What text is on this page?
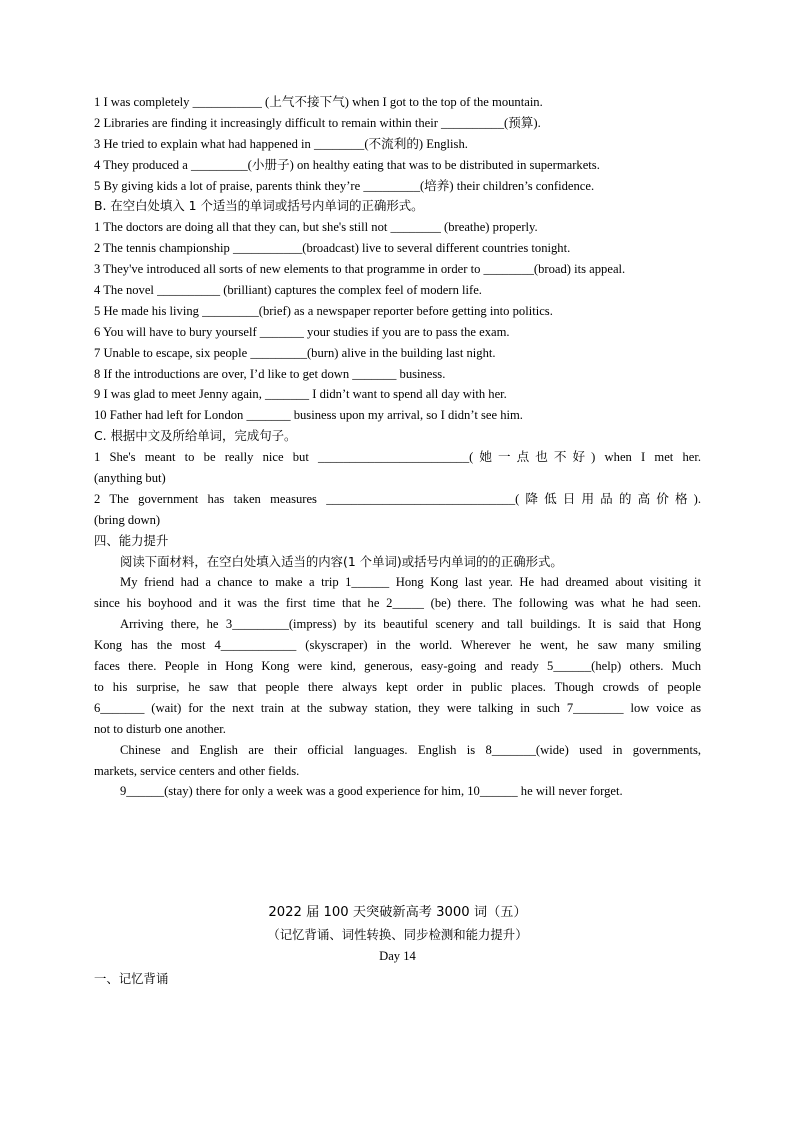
1 I was completely ___________ (上气不接下气) when I got to the top of the mountain.
2 Libraries are finding it increasingly difficult to remain within their __________(预算).
3 He tried to explain what had happened in ________(不流利的) English.
4 They produced a _________(小册子) on healthy eating that was to be distributed in supermarkets.
5 By giving kids a lot of praise, parents think they’re _________(培养) their children’s confidence.
B. 在空白处填入 1 个适当的单词或括号内单词的正确形式。
1 The doctors are doing all that they can, but she's still not ________ (breathe) properly.
2 The tennis championship ___________(broadcast) live to several different countries tonight.
3 They've introduced all sorts of new elements to that programme in order to ________(broad) its appeal.
4 The novel __________ (brilliant) captures the complex feel of modern life.
5 He made his living _________(brief) as a newspaper reporter before getting into politics.
6 You will have to bury yourself _______ your studies if you are to pass the exam.
7 Unable to escape, six people _________(burn) alive in the building last night.
8 If the introductions are over, I’d like to get down _______ business.
9 I was glad to meet Jenny again, _______ I didn’t want to spend all day with her.
10 Father had left for London _______ business upon my arrival, so I didn’t see him.
C. 根据中文及所给单词，完成句子。
1 She's meant to be really nice but ________________________(她一点也不好) when I met her.
(anything but)
2 The government has taken measures ______________________________(降低日用品的高价格).
(bring down)
四、能力提升
阅读下面材料，在空白处填入适当的内容(1 个单词)或括号内单词的的正确形式。
My friend had a chance to make a trip 1______ Hong Kong last year. He had dreamed about visiting it
since his boyhood and it was the first time that he 2_____ (be) there. The following was what he had seen.
Arriving there, he 3_________(impress) by its beautiful scenery and tall buildings. It is said that Hong
Kong has the most 4____________ (skyscraper) in the world. Wherever he went, he saw many smiling
faces there. People in Hong Kong were kind, generous, easy-going and ready 5______(help) others. Much
to his surprise, he saw that people there always kept order in public places. Though crowds of people
6_______ (wait) for the next train at the subway station, they were talking in such 7________ low voice as
not to disturb one another.
Chinese and English are their official languages. English is 8_______(wide) used in governments,
markets, service centers and other fields.
9______(stay) there for only a week was a good experience for him, 10______ he will never forget.
2022 届 100 天突破新高考 3000 词（五）
（记忆背诵、词性转换、同步检测和能力提升）
Day 14
一、记忆背诵
